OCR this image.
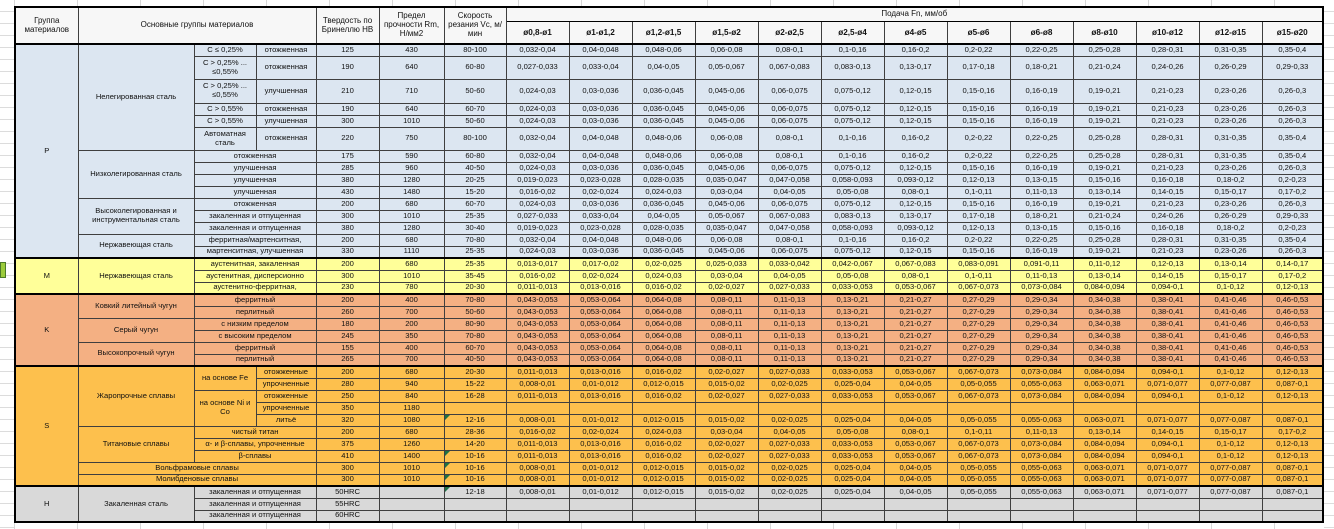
Группа материалов	Основные группы материалов			Твердость по Бринеллю HB	Предел прочности Rm, Н/мм2	Скорость резания Vc, м/мин	Подача Fn, мм/об												
							ø0,8-ø1	ø1-ø1,2	ø1,2-ø1,5	ø1,5-ø2	ø2-ø2,5	ø2,5-ø4	ø4-ø5	ø5-ø6	ø6-ø8	ø8-ø10	ø10-ø12	ø12-ø15	ø15-ø20
P	Нелегированная сталь	C ≤ 0,25%	отожженная	125	430	80-100	0,032-0,04	0,04-0,048	0,048-0,06	0,06-0,08	0,08-0,1	0,1-0,16	0,16-0,2	0,2-0,22	0,22-0,25	0,25-0,28	0,28-0,31	0,31-0,35	0,35-0,4
		C > 0,25% ... ≤0,55%	отожженная	190	640	60-80	0,027-0,033	0,033-0,04	0,04-0,05	0,05-0,067	0,067-0,083	0,083-0,13	0,13-0,17	0,17-0,18	0,18-0,21	0,21-0,24	0,24-0,26	0,26-0,29	0,29-0,33
		C > 0,25% ... ≤0,55%	улучшенная	210	710	50-60	0,024-0,03	0,03-0,036	0,036-0,045	0,045-0,06	0,06-0,075	0,075-0,12	0,12-0,15	0,15-0,16	0,16-0,19	0,19-0,21	0,21-0,23	0,23-0,26	0,26-0,3
		C > 0,55%	отожженная	190	640	60-70	0,024-0,03	0,03-0,036	0,036-0,045	0,045-0,06	0,06-0,075	0,075-0,12	0,12-0,15	0,15-0,16	0,16-0,19	0,19-0,21	0,21-0,23	0,23-0,26	0,26-0,3
		C > 0,55%	улучшенная	300	1010	50-60	0,024-0,03	0,03-0,036	0,036-0,045	0,045-0,06	0,06-0,075	0,075-0,12	0,12-0,15	0,15-0,16	0,16-0,19	0,19-0,21	0,21-0,23	0,23-0,26	0,26-0,3
		Автоматная сталь	отожженная	220	750	80-100	0,032-0,04	0,04-0,048	0,048-0,06	0,06-0,08	0,08-0,1	0,1-0,16	0,16-0,2	0,2-0,22	0,22-0,25	0,25-0,28	0,28-0,31	0,31-0,35	0,35-0,4
	Низколегированная сталь	отожженная		175	590	60-80	0,032-0,04	0,04-0,048	0,048-0,06	0,06-0,08	0,08-0,1	0,1-0,16	0,16-0,2	0,2-0,22	0,22-0,25	0,25-0,28	0,28-0,31	0,31-0,35	0,35-0,4
		улучшенная		285	960	40-50	0,024-0,03	0,03-0,036	0,036-0,045	0,045-0,06	0,06-0,075	0,075-0,12	0,12-0,15	0,15-0,16	0,16-0,19	0,19-0,21	0,21-0,23	0,23-0,26	0,26-0,3
		улучшенная		380	1280	20-25	0,019-0,023	0,023-0,028	0,028-0,035	0,035-0,047	0,047-0,058	0,058-0,093	0,093-0,12	0,12-0,13	0,13-0,15	0,15-0,16	0,16-0,18	0,18-0,2	0,2-0,23
		улучшенная		430	1480	15-20	0,016-0,02	0,02-0,024	0,024-0,03	0,03-0,04	0,04-0,05	0,05-0,08	0,08-0,1	0,1-0,11	0,11-0,13	0,13-0,14	0,14-0,15	0,15-0,17	0,17-0,2
	Высоколегированная и инструментальная сталь	отожженная		200	680	60-70	0,024-0,03	0,03-0,036	0,036-0,045	0,045-0,06	0,06-0,075	0,075-0,12	0,12-0,15	0,15-0,16	0,16-0,19	0,19-0,21	0,21-0,23	0,23-0,26	0,26-0,3
		закаленная и отпущенная		300	1010	25-35	0,027-0,033	0,033-0,04	0,04-0,05	0,05-0,067	0,067-0,083	0,083-0,13	0,13-0,17	0,17-0,18	0,18-0,21	0,21-0,24	0,24-0,26	0,26-0,29	0,29-0,33
		закаленная и отпущенная		380	1280	30-40	0,019-0,023	0,023-0,028	0,028-0,035	0,035-0,047	0,047-0,058	0,058-0,093	0,093-0,12	0,12-0,13	0,13-0,15	0,15-0,16	0,16-0,18	0,18-0,2	0,2-0,23
	Нержавеющая сталь	ферритная/мартенситная,		200	680	70-80	0,032-0,04	0,04-0,048	0,048-0,06	0,06-0,08	0,08-0,1	0,1-0,16	0,16-0,2	0,2-0,22	0,22-0,25	0,25-0,28	0,28-0,31	0,31-0,35	0,35-0,4
		мартенситная, улучшенная		330	1110	25-35	0,024-0,03	0,03-0,036	0,036-0,045	0,045-0,06	0,06-0,075	0,075-0,12	0,12-0,15	0,15-0,16	0,16-0,19	0,19-0,21	0,21-0,23	0,23-0,26	0,26-0,3
M	Нержавеющая сталь	аустенитная, закаленная		200	680	25-35	0,013-0,017	0,017-0,02	0,02-0,025	0,025-0,033	0,033-0,042	0,042-0,067	0,067-0,083	0,083-0,091	0,091-0,11	0,11-0,12	0,12-0,13	0,13-0,14	0,14-0,17
		аустенитная, дисперсионно		300	1010	35-45	0,016-0,02	0,02-0,024	0,024-0,03	0,03-0,04	0,04-0,05	0,05-0,08	0,08-0,1	0,1-0,11	0,11-0,13	0,13-0,14	0,14-0,15	0,15-0,17	0,17-0,2
		аустенитно-ферритная,		230	780	20-30	0,011-0,013	0,013-0,016	0,016-0,02	0,02-0,027	0,027-0,033	0,033-0,053	0,053-0,067	0,067-0,073	0,073-0,084	0,084-0,094	0,094-0,1	0,1-0,12	0,12-0,13
K	Ковкий литейный чугун	ферритный		200	400	70-80	0,043-0,053	0,053-0,064	0,064-0,08	0,08-0,11	0,11-0,13	0,13-0,21	0,21-0,27	0,27-0,29	0,29-0,34	0,34-0,38	0,38-0,41	0,41-0,46	0,46-0,53
		перлитный		260	700	50-60	0,043-0,053	0,053-0,064	0,064-0,08	0,08-0,11	0,11-0,13	0,13-0,21	0,21-0,27	0,27-0,29	0,29-0,34	0,34-0,38	0,38-0,41	0,41-0,46	0,46-0,53
	Серый чугун	с низким пределом		180	200	80-90	0,043-0,053	0,053-0,064	0,064-0,08	0,08-0,11	0,11-0,13	0,13-0,21	0,21-0,27	0,27-0,29	0,29-0,34	0,34-0,38	0,38-0,41	0,41-0,46	0,46-0,53
		с высоким пределом		245	350	70-80	0,043-0,053	0,053-0,064	0,064-0,08	0,08-0,11	0,11-0,13	0,13-0,21	0,21-0,27	0,27-0,29	0,29-0,34	0,34-0,38	0,38-0,41	0,41-0,46	0,46-0,53
	Высокопрочный чугун	ферритный		155	400	60-70	0,043-0,053	0,053-0,064	0,064-0,08	0,08-0,11	0,11-0,13	0,13-0,21	0,21-0,27	0,27-0,29	0,29-0,34	0,34-0,38	0,38-0,41	0,41-0,46	0,46-0,53
		перлитный		265	700	40-50	0,043-0,053	0,053-0,064	0,064-0,08	0,08-0,11	0,11-0,13	0,13-0,21	0,21-0,27	0,27-0,29	0,29-0,34	0,34-0,38	0,38-0,41	0,41-0,46	0,46-0,53
S	Жаропрочные сплавы	на основе Fe	отожженные	200	680	20-30	0,011-0,013	0,013-0,016	0,016-0,02	0,02-0,027	0,027-0,033	0,033-0,053	0,053-0,067	0,067-0,073	0,073-0,084	0,084-0,094	0,094-0,1	0,1-0,12	0,12-0,13
			упрочненные	280	940	15-22	0,008-0,01	0,01-0,012	0,012-0,015	0,015-0,02	0,02-0,025	0,025-0,04	0,04-0,05	0,05-0,055	0,055-0,063	0,063-0,071	0,071-0,077	0,077-0,087	0,087-0,1
		на основе Ni и Co	отожженные	250	840	16-28	0,011-0,013	0,013-0,016	0,016-0,02	0,02-0,027	0,027-0,033	0,033-0,053	0,053-0,067	0,067-0,073	0,073-0,084	0,084-0,094	0,094-0,1	0,1-0,12	0,12-0,13
			упрочненные	350	1180														
			литьё	320	1080	12-16	0,008-0,01	0,01-0,012	0,012-0,015	0,015-0,02	0,02-0,025	0,025-0,04	0,04-0,05	0,05-0,055	0,055-0,063	0,063-0,071	0,071-0,077	0,077-0,087	0,087-0,1
	Титановые сплавы	чистый титан		200	680	28-36	0,016-0,02	0,02-0,024	0,024-0,03	0,03-0,04	0,04-0,05	0,05-0,08	0,08-0,1	0,1-0,11	0,11-0,13	0,13-0,14	0,14-0,15	0,15-0,17	0,17-0,2
		α- и β-сплавы, упрочненные		375	1260	14-20	0,011-0,013	0,013-0,016	0,016-0,02	0,02-0,027	0,027-0,033	0,033-0,053	0,053-0,067	0,067-0,073	0,073-0,084	0,084-0,094	0,094-0,1	0,1-0,12	0,12-0,13
		β-сплавы		410	1400	10-16	0,011-0,013	0,013-0,016	0,016-0,02	0,02-0,027	0,027-0,033	0,033-0,053	0,053-0,067	0,067-0,073	0,073-0,084	0,084-0,094	0,094-0,1	0,1-0,12	0,12-0,13
	Вольфрамовые сплавы			300	1010	10-16	0,008-0,01	0,01-0,012	0,012-0,015	0,015-0,02	0,02-0,025	0,025-0,04	0,04-0,05	0,05-0,055	0,055-0,063	0,063-0,071	0,071-0,077	0,077-0,087	0,087-0,1
	Молибденовые сплавы			300	1010	10-16	0,008-0,01	0,01-0,012	0,012-0,015	0,015-0,02	0,02-0,025	0,025-0,04	0,04-0,05	0,05-0,055	0,055-0,063	0,063-0,071	0,071-0,077	0,077-0,087	0,087-0,1
H	Закаленная сталь	закаленная и отпущенная		50HRC		12-18	0,008-0,01	0,01-0,012	0,012-0,015	0,015-0,02	0,02-0,025	0,025-0,04	0,04-0,05	0,05-0,055	0,055-0,063	0,063-0,071	0,071-0,077	0,077-0,087	0,087-0,1
		закаленная и отпущенная		55HRC															
		закаленная и отпущенная		60HRC															
